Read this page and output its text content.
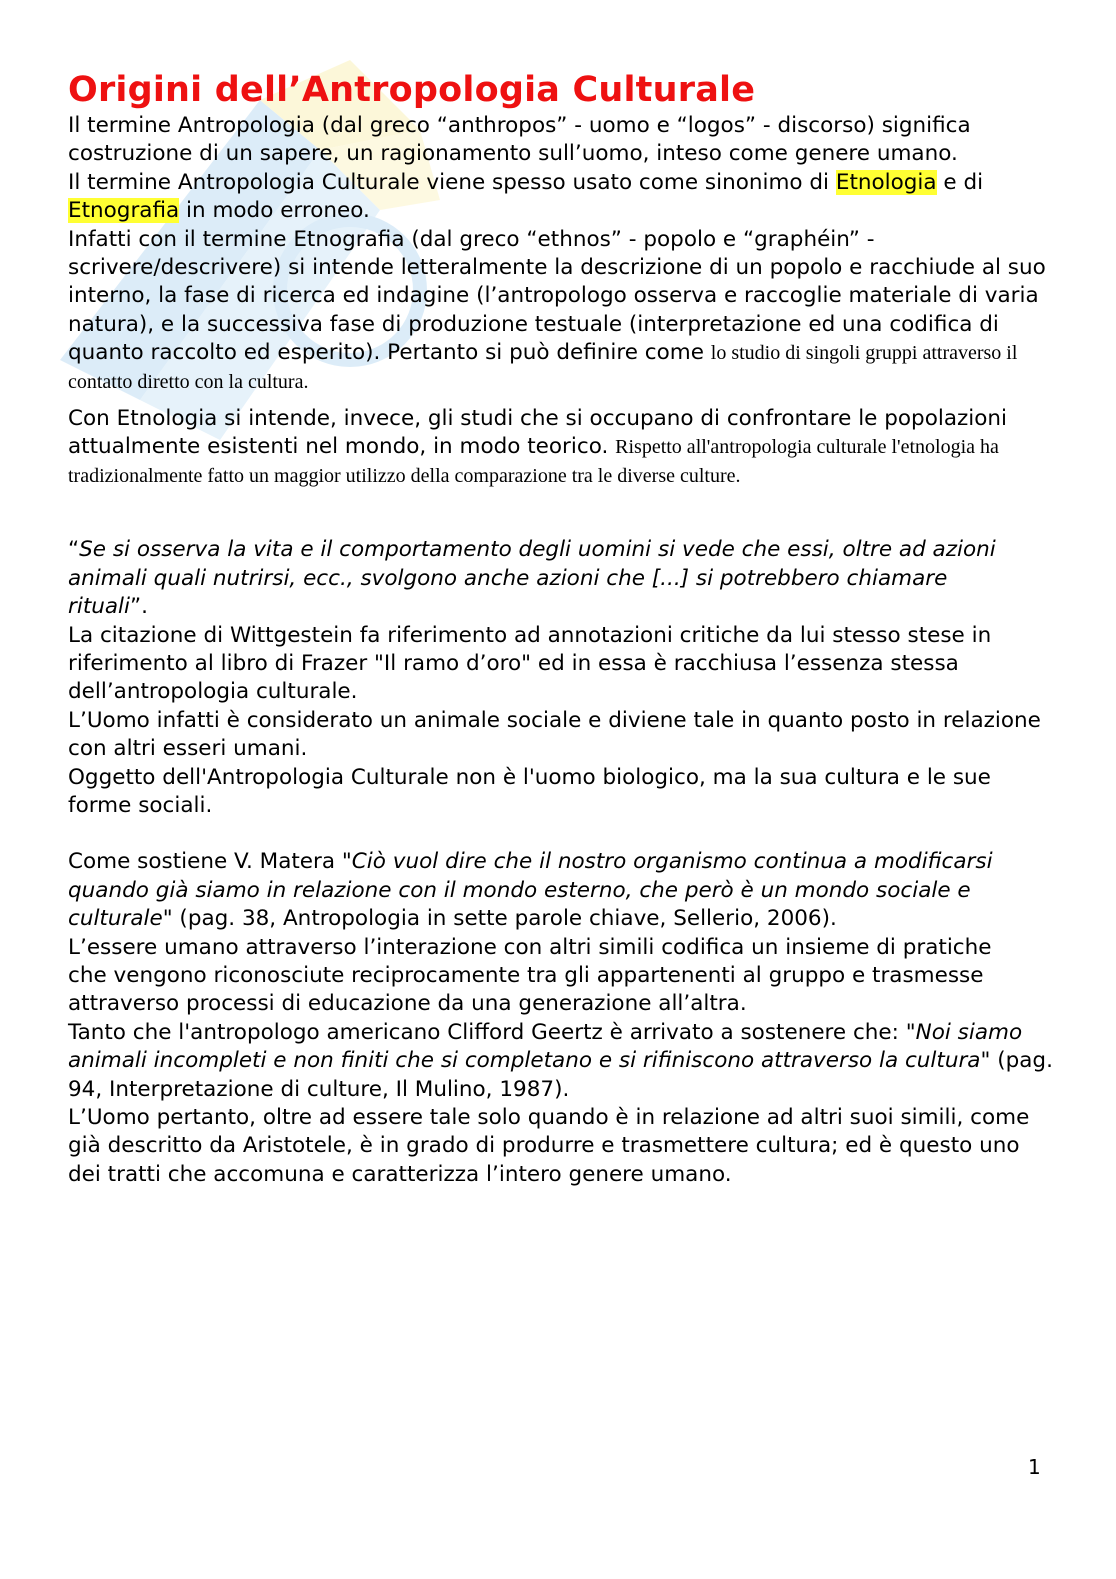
Origini dell’Antropologia Culturale

Il termine Antropologia (dal greco “anthropos” - uomo e “logos” - discorso) significa costruzione di un sapere, un ragionamento sull’uomo, inteso come genere umano.

Il termine Antropologia Culturale viene spesso usato come sinonimo di Etnologia e di Etnografia in modo erroneo.

Infatti con il termine Etnografia (dal greco “ethnos” - popolo e “graphéin” -scrivere/descrivere) si intende letteralmente la descrizione di un popolo e racchiude al suo interno, la fase di ricerca ed indagine (l’antropologo osserva e raccoglie materiale di varia natura), e la successiva fase di produzione testuale (interpretazione ed una codifica di quanto raccolto ed esperito). Pertanto si può definire come lo studio di singoli gruppi attraverso il contatto diretto con la cultura.

Con Etnologia si intende, invece, gli studi che si occupano di confrontare le popolazioni attualmente esistenti nel mondo, in modo teorico. Rispetto all'antropologia culturale l'etnologia ha tradizionalmente fatto un maggior utilizzo della comparazione tra le diverse culture.

“Se si osserva la vita e il comportamento degli uomini si vede che essi, oltre ad azioni
animali quali nutrirsi, ecc., svolgono anche azioni che [...] si potrebbero chiamare
rituali”.

La citazione di Wittgestein fa riferimento ad annotazioni critiche da lui stesso stese in riferimento al libro di Frazer "Il ramo d’oro" ed in essa è racchiusa l’essenza stessa dell’antropologia culturale.

L’Uomo infatti è considerato un animale sociale e diviene tale in quanto posto in relazione con altri esseri umani.

Oggetto dell'Antropologia Culturale non è l'uomo biologico, ma la sua cultura e le sue forme sociali.

Come sostiene V. Matera "Ciò vuol dire che il nostro organismo continua a modificarsi
quando già siamo in relazione con il mondo esterno, che però è un mondo sociale e
culturale" (pag. 38, Antropologia in sette parole chiave, Sellerio, 2006).

L’essere umano attraverso l’interazione con altri simili codifica un insieme di pratiche
che vengono riconosciute reciprocamente tra gli appartenenti al gruppo e trasmesse attraverso processi di educazione da una generazione all’altra.

Tanto che l'antropologo americano Clifford Geertz è arrivato a sostenere che: "Noi siamo animali incompleti e non finiti che si completano e si rifiniscono attraverso la cultura" (pag. 94, Interpretazione di culture, Il Mulino, 1987).

L’Uomo pertanto, oltre ad essere tale solo quando è in relazione ad altri suoi simili, come già descritto da Aristotele, è in grado di produrre e trasmettere cultura; ed è questo uno dei tratti che accomuna e caratterizza l’intero genere umano.

1
